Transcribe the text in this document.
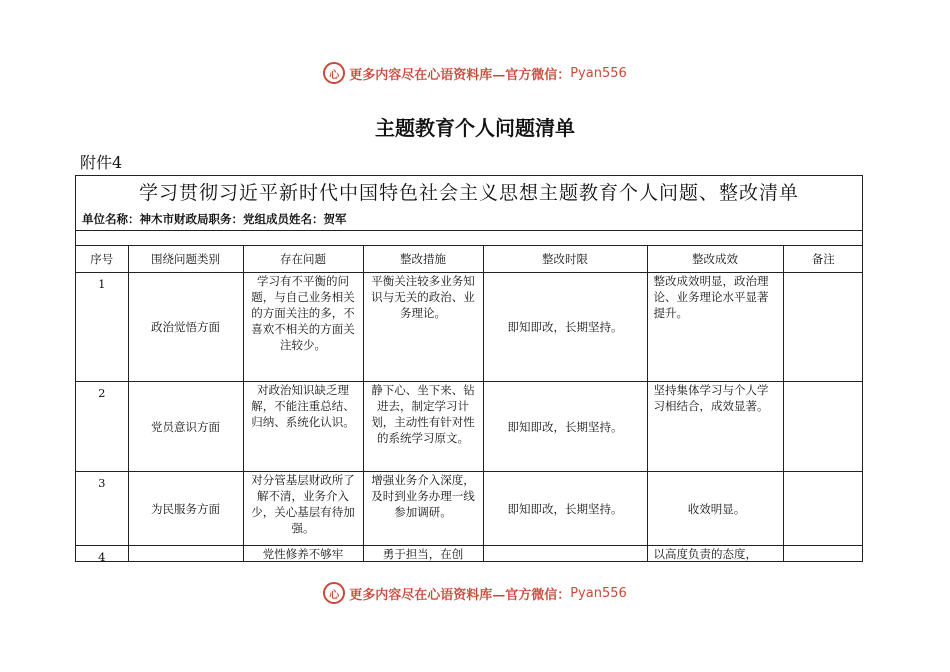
心 更多内容尽在心语资料库—官方微信： Pyan556
主题教育个人问题清单
附件4
学习贯彻习近平新时代中国特色社会主义思想主题教育个人问题、整改清单
单位名称：神木市财政局职务：党组成员姓名：贺军
序号	围绕问题类别	存在问题	整改措施	整改时限	整改成效	备注
1	政治觉悟方面	学习有不平衡的问题，与自己业务相关的方面关注的多，不喜欢不相关的方面关注较少。	平衡关注较多业务知识与无关的政治、业务理论。	即知即改，长期坚持。	整改成效明显，政治理论、业务理论水平显著提升。	
2	党员意识方面	对政治知识缺乏理解，不能注重总结、归纳、系统化认识。	静下心、坐下来、钻进去，制定学习计划，主动性有针对性的系统学习原文。	即知即改，长期坚持。	坚持集体学习与个人学习相结合，成效显著。	
3	为民服务方面	对分管基层财政所了解不清，业务介入少，关心基层有待加强。	增强业务介入深度，及时到业务办理一线参加调研。	即知即改，长期坚持。	收效明显。	
4		党性修养不够牢	勇于担当，在创		以高度负责的态度，	
心 更多内容尽在心语资料库—官方微信： Pyan556
